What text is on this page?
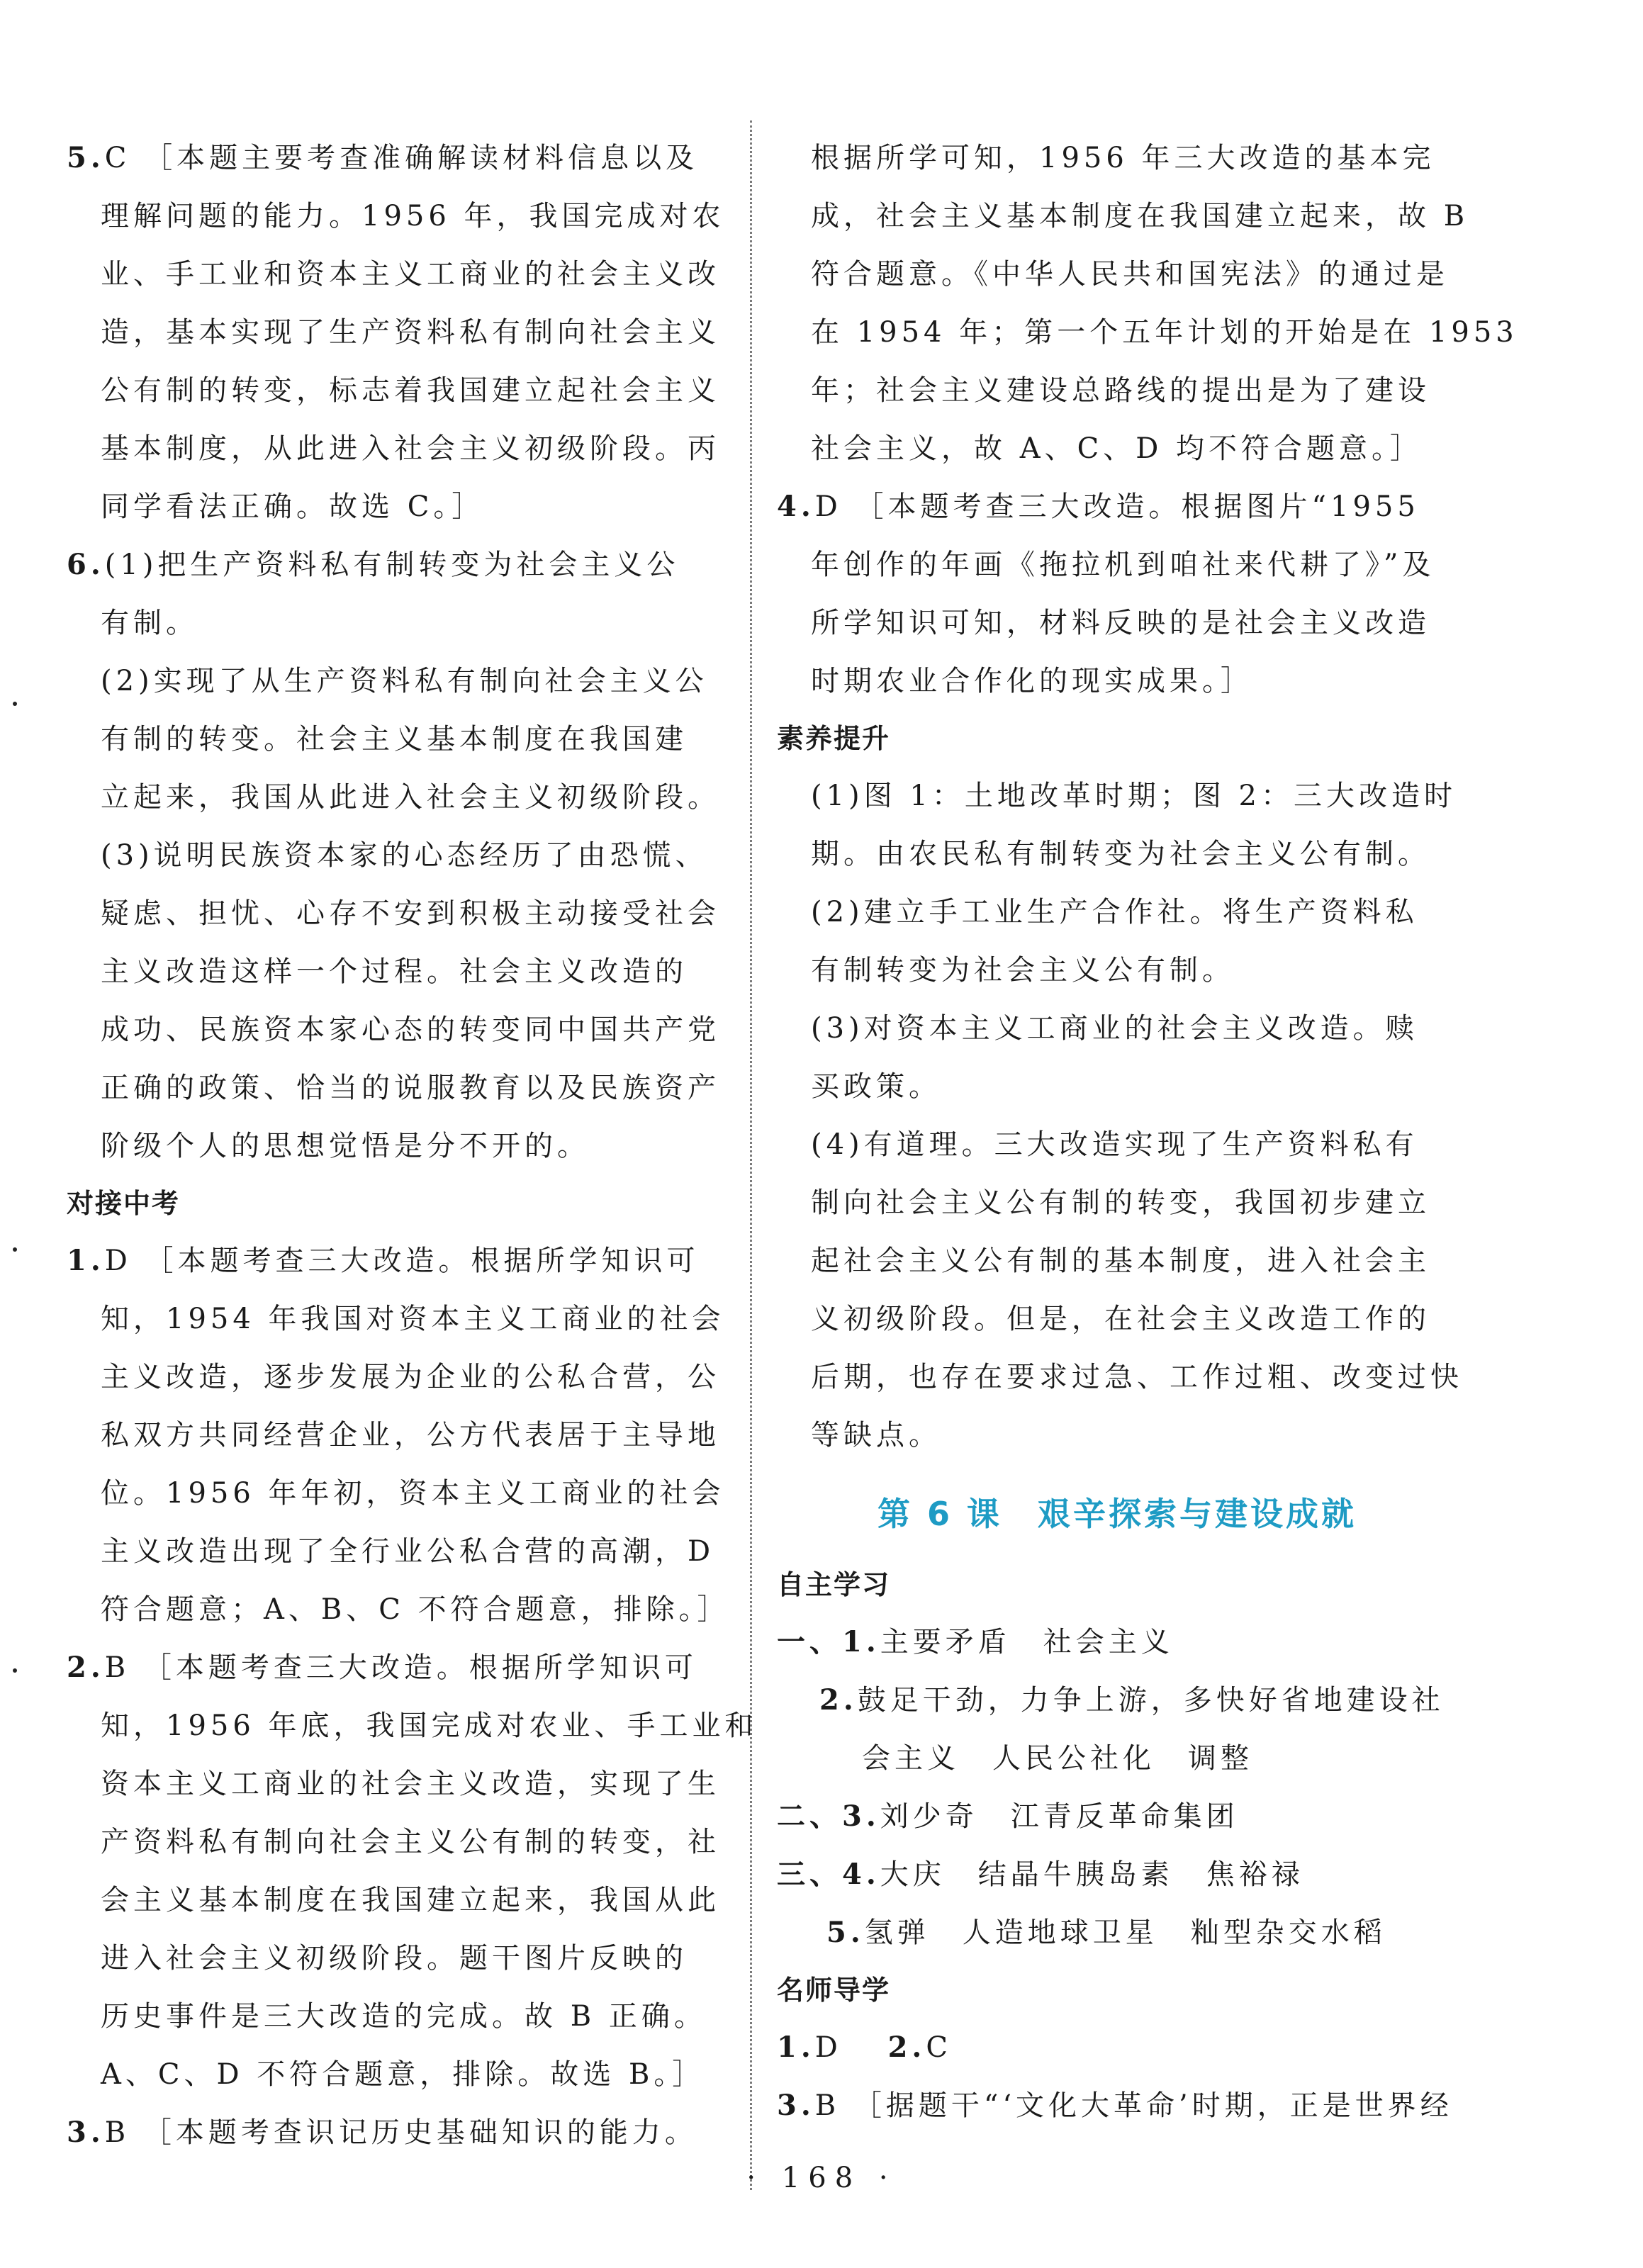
5.C ［本题主要考查准确解读材料信息以及
理解问题的能力。1956 年，我国完成对农
业、手工业和资本主义工商业的社会主义改
造，基本实现了生产资料私有制向社会主义
公有制的转变，标志着我国建立起社会主义
基本制度，从此进入社会主义初级阶段。丙
同学看法正确。故选 C。］
6.(1)把生产资料私有制转变为社会主义公
有制。
(2)实现了从生产资料私有制向社会主义公
有制的转变。社会主义基本制度在我国建
立起来，我国从此进入社会主义初级阶段。
(3)说明民族资本家的心态经历了由恐慌、
疑虑、担忧、心存不安到积极主动接受社会
主义改造这样一个过程。社会主义改造的
成功、民族资本家心态的转变同中国共产党
正确的政策、恰当的说服教育以及民族资产
阶级个人的思想觉悟是分不开的。
对接中考
1.D ［本题考查三大改造。根据所学知识可
知，1954 年我国对资本主义工商业的社会
主义改造，逐步发展为企业的公私合营，公
私双方共同经营企业，公方代表居于主导地
位。1956 年年初，资本主义工商业的社会
主义改造出现了全行业公私合营的高潮，D
符合题意；A、B、C 不符合题意，排除。］
2.B ［本题考查三大改造。根据所学知识可
知，1956 年底，我国完成对农业、手工业和
资本主义工商业的社会主义改造，实现了生
产资料私有制向社会主义公有制的转变，社
会主义基本制度在我国建立起来，我国从此
进入社会主义初级阶段。题干图片反映的
历史事件是三大改造的完成。故 B 正确。
A、C、D 不符合题意，排除。故选 B。］
3.B ［本题考查识记历史基础知识的能力。
根据所学可知，1956 年三大改造的基本完
成，社会主义基本制度在我国建立起来，故 B
符合题意。《中华人民共和国宪法》的通过是
在 1954 年；第一个五年计划的开始是在 1953
年；社会主义建设总路线的提出是为了建设
社会主义，故 A、C、D 均不符合题意。］
4.D ［本题考查三大改造。根据图片“1955
年创作的年画《拖拉机到咱社来代耕了》”及
所学知识可知，材料反映的是社会主义改造
时期农业合作化的现实成果。］
素养提升
(1)图 1：土地改革时期；图 2：三大改造时
期。由农民私有制转变为社会主义公有制。
(2)建立手工业生产合作社。将生产资料私
有制转变为社会主义公有制。
(3)对资本主义工商业的社会主义改造。赎
买政策。
(4)有道理。三大改造实现了生产资料私有
制向社会主义公有制的转变，我国初步建立
起社会主义公有制的基本制度，进入社会主
义初级阶段。但是，在社会主义改造工作的
后期，也存在要求过急、工作过粗、改变过快
等缺点。
第 6 课 艰辛探索与建设成就
自主学习
一、1.主要矛盾　社会主义
2.鼓足干劲，力争上游，多快好省地建设社
会主义　人民公社化　调整
二、3.刘少奇　江青反革命集团
三、4.大庆　结晶牛胰岛素　焦裕禄
5.氢弹　人造地球卫星　籼型杂交水稻
名师导学
1.D　 2.C
3.B ［据题干“‘文化大革命’时期，正是世界经
· 168 ·
